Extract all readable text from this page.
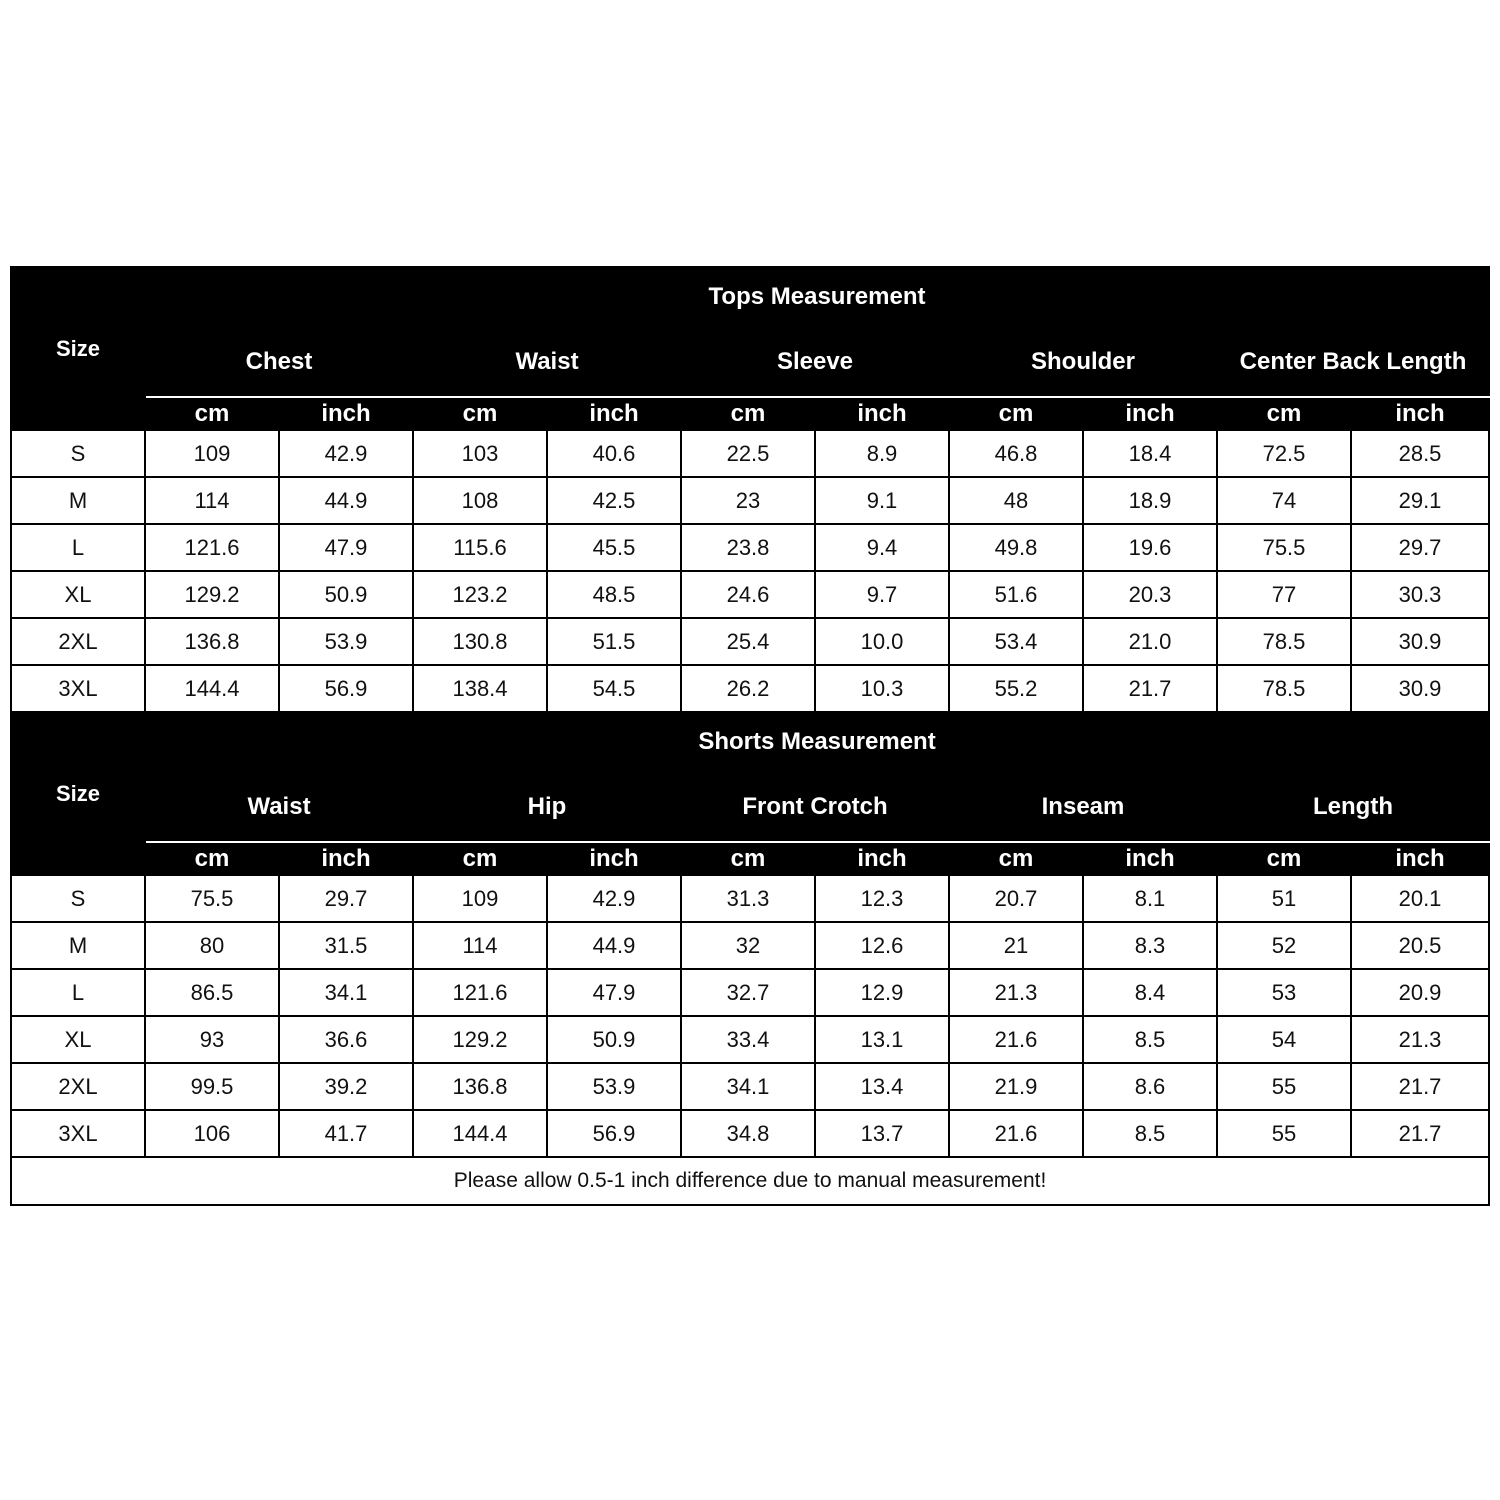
Size	Tops Measurement									
	Chest		Waist		Sleeve		Shoulder		Center Back Length	
	cm	inch	cm	inch	cm	inch	cm	inch	cm	inch
S	109	42.9	103	40.6	22.5	8.9	46.8	18.4	72.5	28.5
M	114	44.9	108	42.5	23	9.1	48	18.9	74	29.1
L	121.6	47.9	115.6	45.5	23.8	9.4	49.8	19.6	75.5	29.7
XL	129.2	50.9	123.2	48.5	24.6	9.7	51.6	20.3	77	30.3
2XL	136.8	53.9	130.8	51.5	25.4	10.0	53.4	21.0	78.5	30.9
3XL	144.4	56.9	138.4	54.5	26.2	10.3	55.2	21.7	78.5	30.9
Size	Shorts Measurement									
	Waist		Hip		Front Crotch		Inseam		Length	
	cm	inch	cm	inch	cm	inch	cm	inch	cm	inch
S	75.5	29.7	109	42.9	31.3	12.3	20.7	8.1	51	20.1
M	80	31.5	114	44.9	32	12.6	21	8.3	52	20.5
L	86.5	34.1	121.6	47.9	32.7	12.9	21.3	8.4	53	20.9
XL	93	36.6	129.2	50.9	33.4	13.1	21.6	8.5	54	21.3
2XL	99.5	39.2	136.8	53.9	34.1	13.4	21.9	8.6	55	21.7
3XL	106	41.7	144.4	56.9	34.8	13.7	21.6	8.5	55	21.7
Please allow 0.5-1 inch difference due to manual measurement!										
